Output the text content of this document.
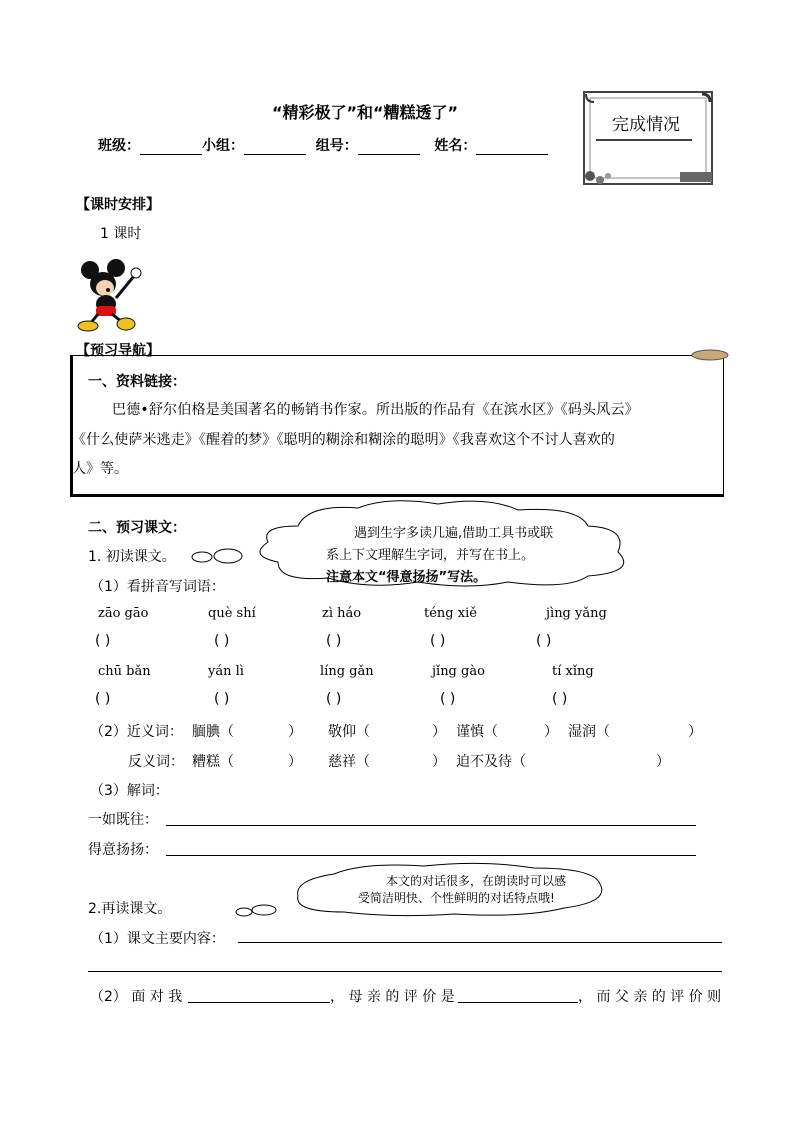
“精彩极了”和“糟糕透了”
班级：	小组：	组号：	姓名：
完成情况
【课时安排】
1 课时
【预习导航】
一、资料链接：
巴德•舒尔伯格是美国著名的畅销书作家。所出版的作品有《在滨水区》《码头风云》
《什么使萨米逃走》《醒着的梦》《聪明的糊涂和糊涂的聪明》《我喜欢这个不讨人喜欢的
人》等。
二、预习课文：
1. 初读课文。
遇到生字多读几遍,借助工具书或联
系上下文理解生字词，并写在书上。
注意本文“得意扬扬”写法。
（1）看拼音写词语：
zāo gāo	què shí	zì háo	téng xiě	jìng yǎng
( )	( )	( )	( )	( )
chū bǎn	yán lì	líng gǎn	jǐng gào	tí xǐng
( )	( )	( )	( )	( )
（2）近义词： 腼腆（	） 敬仰（	） 谨慎（	） 湿润（	）
反义词： 糟糕（	） 慈祥（	） 迫不及待（	）
（3）解词：
一如既往：
得意扬扬：
本文的对话很多，在朗读时可以感
受简洁明快、个性鲜明的对话特点哦!
2.再读课文。
（1）课文主要内容：
（2） 面 对 我	， 母 亲 的 评 价 是	， 而 父 亲 的 评 价 则
